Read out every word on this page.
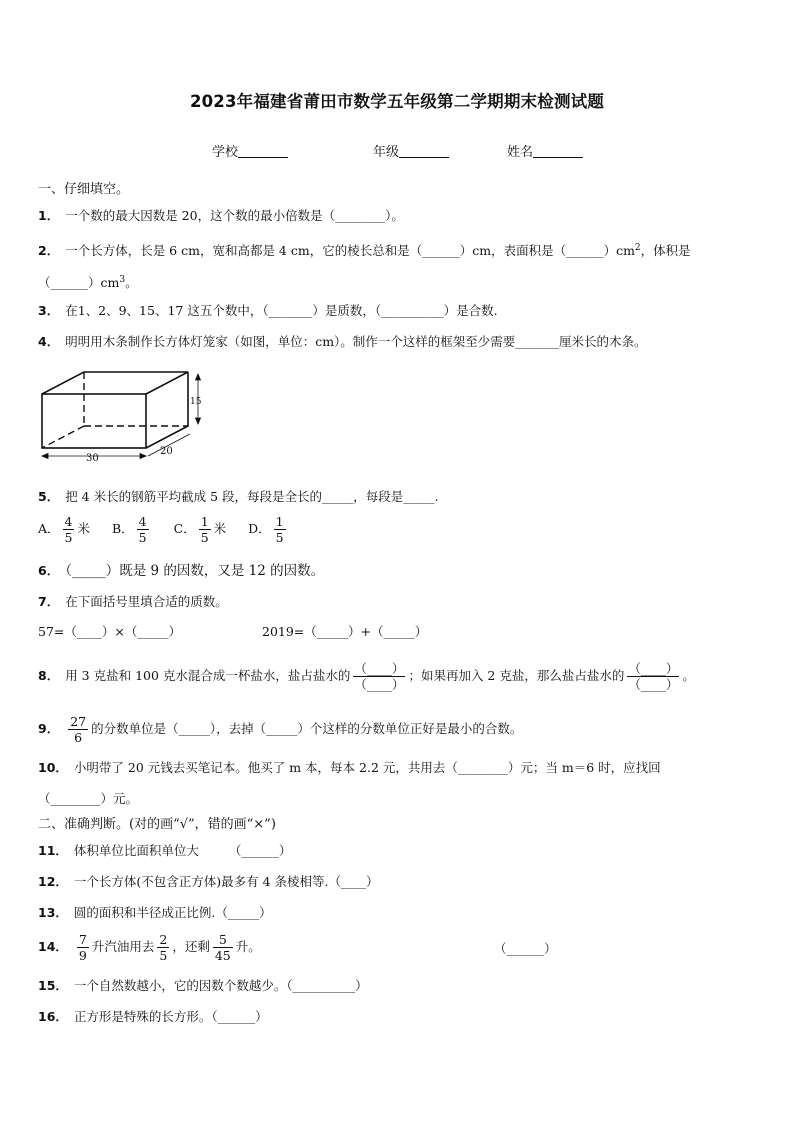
2023年福建省莆田市数学五年级第二学期期末检测试题
学校	年级	姓名
一、仔细填空。
1． 一个数的最大因数是 20，这个数的最小倍数是（________）。
2． 一个长方体，长是 6 cm，宽和高都是 4 cm，它的棱长总和是（______）cm，表面积是$(\_\_\_\_\_\_)cm^2$，体积是
$(\_\_\_\_\_\_)cm^3$。
3． 在1、2、9、15、17 这五个数中，（_______）是质数，（__________）是合数.
4． 明明用木条制作长方体灯笼家（如图，单位：cm）。制作一个这样的框架至少需要_______厘米长的木条。
30
20
15
5． 把 4 米长的钢筋平均截成 5 段，每段是全长的_____，每段是_____.
A． $\frac{4}{5}$ 米 B． $\frac{4}{5}$ C． $\frac{1}{5}$ 米 D． $\frac{1}{5}$
6． （_____）既是 9 的因数，又是 12 的因数。
7． 在下面括号里填合适的质数。
57=（____）×（_____）	2019=（_____）+（_____）
8． 用 3 克盐和 100 克水混合成一杯盐水，盐占盐水的 $\frac{(\_\_\_\_)}{(\_\_\_\_)}$ ；如果再加入 2 克盐，那么盐占盐水的 $\frac{(\_\_\_\_)}{(\_\_\_\_)}$ 。
9． $\frac{27}{6}$ 的分数单位是（_____），去掉（_____）个这样的分数单位正好是最小的合数。
10． 小明带了 20 元钱去买笔记本。他买了 m 本，每本 2.2 元，共用去（________）元；当 m＝6 时，应找回
（________）元。
二、准确判断。(对的画“√”，错的画“×”)
11． 体积单位比面积单位大 （______）
12． 一个长方体(不包含正方体)最多有 4 条棱相等.（____）
13． 圆的面积和半径成正比例.（_____）
14． $\frac{7}{9}$ 升汽油用去 $\frac{2}{5}$ ，还剩 $\frac{5}{45}$ 升。	（______）
15． 一个自然数越小，它的因数个数越少。（__________）
16． 正方形是特殊的长方形。（______）
